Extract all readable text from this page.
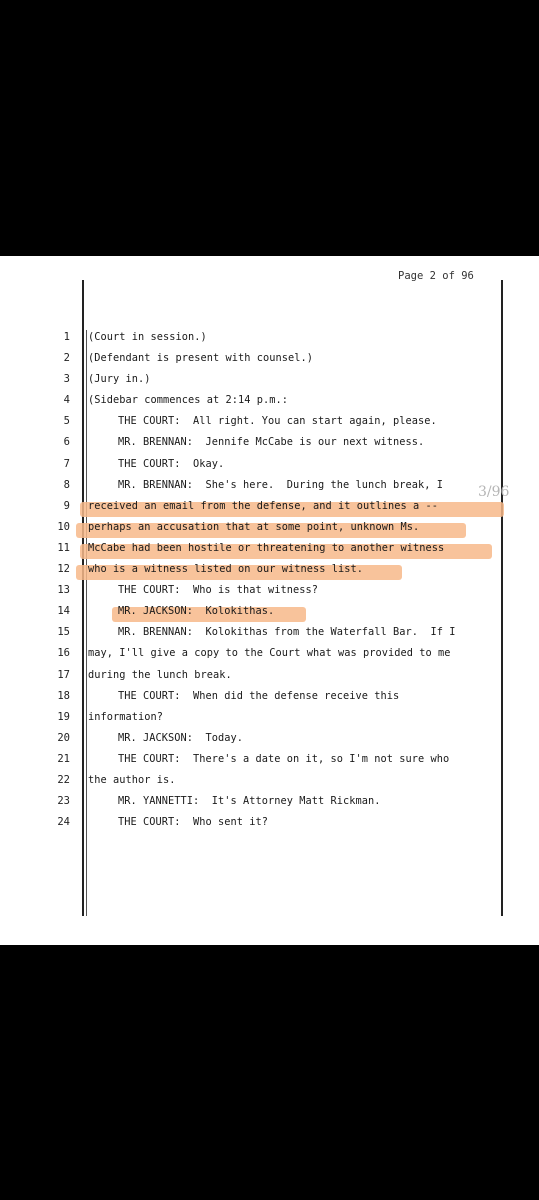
Page 2 of 96
1 (Court in session.)
2 (Defendant is present with counsel.)
3 (Jury in.)
4 (Sidebar commences at 2:14 p.m.:
5	THE COURT:  All right. You can start again, please.
6	MR. BRENNAN:  Jennife McCabe is our next witness.
7	THE COURT:  Okay.
8	MR. BRENNAN:  She's here.  During the lunch break, I
9 received an email from the defense, and it outlines a --
10 perhaps an accusation that at some point, unknown Ms.
11 McCabe had been hostile or threatening to another witness
12 who is a witness listed on our witness list.
13	THE COURT:  Who is that witness?
14	MR. JACKSON:  Kolokithas.
15	MR. BRENNAN:  Kolokithas from the Waterfall Bar.  If I
16 may, I'll give a copy to the Court what was provided to me
17 during the lunch break.
18	THE COURT:  When did the defense receive this
19 information?
20	MR. JACKSON:  Today.
21	THE COURT:  There's a date on it, so I'm not sure who
22 the author is.
23	MR. YANNETTI:  It's Attorney Matt Rickman.
24	THE COURT:  Who sent it?
3/96
